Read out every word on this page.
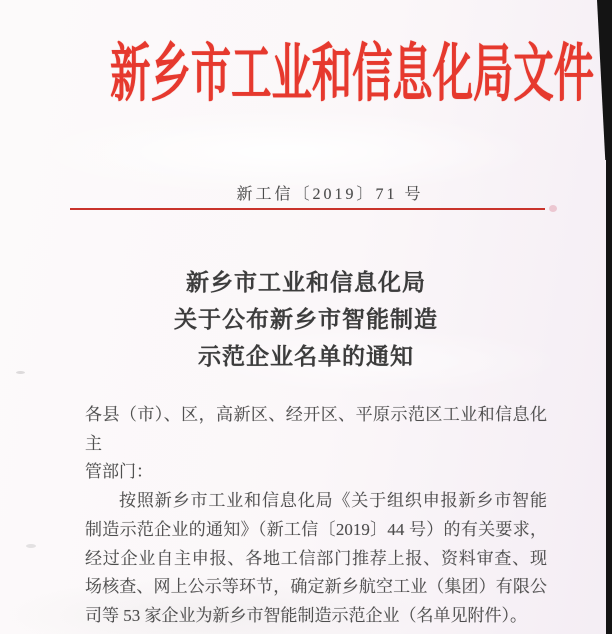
新乡市工业和信息化局文件
新工信〔2019〕71 号
新乡市工业和信息化局
关于公布新乡市智能制造
示范企业名单的通知
各县（市）、区，高新区、经开区、平原示范区工业和信息化主
管部门：
按照新乡市工业和信息化局《关于组织申报新乡市智能
制造示范企业的通知》（新工信〔2019〕44 号）的有关要求，
经过企业自主申报、各地工信部门推荐上报、资料审查、现
场核查、网上公示等环节，确定新乡航空工业（集团）有限公
司等 53 家企业为新乡市智能制造示范企业（名单见附件）。
